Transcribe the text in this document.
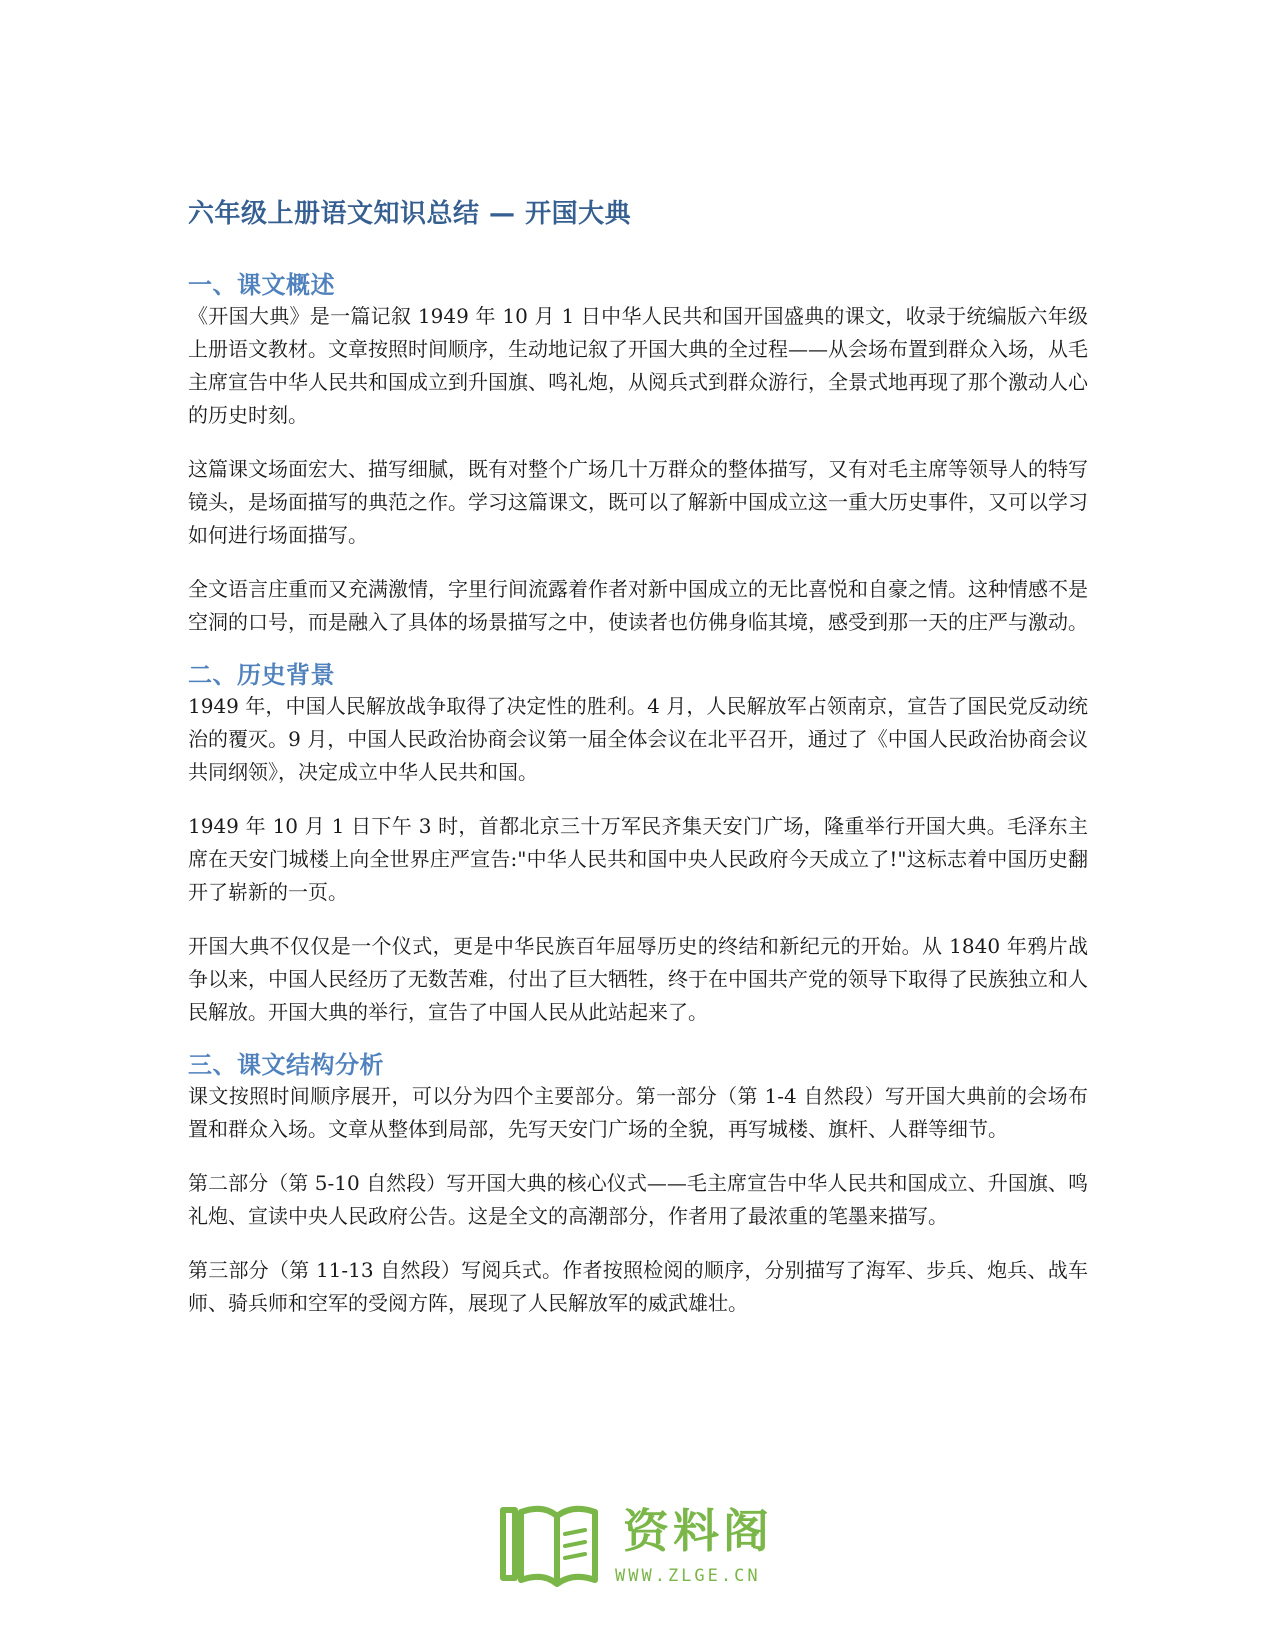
六年级上册语文知识总结 — 开国大典
一、课文概述

《开国大典》是一篇记叙 1949 年 10 月 1 日中华人民共和国开国盛典的课文，收录于统编版六年级上册语文教材。文章按照时间顺序，生动地记叙了开国大典的全过程——从会场布置到群众入场，从毛主席宣告中华人民共和国成立到升国旗、鸣礼炮，从阅兵式到群众游行，全景式地再现了那个激动人心的历史时刻。

这篇课文场面宏大、描写细腻，既有对整个广场几十万群众的整体描写，又有对毛主席等领导人的特写镜头，是场面描写的典范之作。学习这篇课文，既可以了解新中国成立这一重大历史事件，又可以学习如何进行场面描写。

全文语言庄重而又充满激情，字里行间流露着作者对新中国成立的无比喜悦和自豪之情。这种情感不是空洞的口号，而是融入了具体的场景描写之中，使读者也仿佛身临其境，感受到那一天的庄严与激动。

二、历史背景

1949 年，中国人民解放战争取得了决定性的胜利。4 月，人民解放军占领南京，宣告了国民党反动统治的覆灭。9 月，中国人民政治协商会议第一届全体会议在北平召开，通过了《中国人民政治协商会议共同纲领》，决定成立中华人民共和国。

1949 年 10 月 1 日下午 3 时，首都北京三十万军民齐集天安门广场，隆重举行开国大典。毛泽东主席在天安门城楼上向全世界庄严宣告:"中华人民共和国中央人民政府今天成立了!"这标志着中国历史翻开了崭新的一页。

开国大典不仅仅是一个仪式，更是中华民族百年屈辱历史的终结和新纪元的开始。从 1840 年鸦片战争以来，中国人民经历了无数苦难，付出了巨大牺牲，终于在中国共产党的领导下取得了民族独立和人民解放。开国大典的举行，宣告了中国人民从此站起来了。

三、课文结构分析

课文按照时间顺序展开，可以分为四个主要部分。第一部分（第 1-4 自然段）写开国大典前的会场布置和群众入场。文章从整体到局部，先写天安门广场的全貌，再写城楼、旗杆、人群等细节。

第二部分（第 5-10 自然段）写开国大典的核心仪式——毛主席宣告中华人民共和国成立、升国旗、鸣礼炮、宣读中央人民政府公告。这是全文的高潮部分，作者用了最浓重的笔墨来描写。

第三部分（第 11-13 自然段）写阅兵式。作者按照检阅的顺序，分别描写了海军、步兵、炮兵、战车师、骑兵师和空军的受阅方阵，展现了人民解放军的威武雄壮。

资料阁
WWW.ZLGE.CN
